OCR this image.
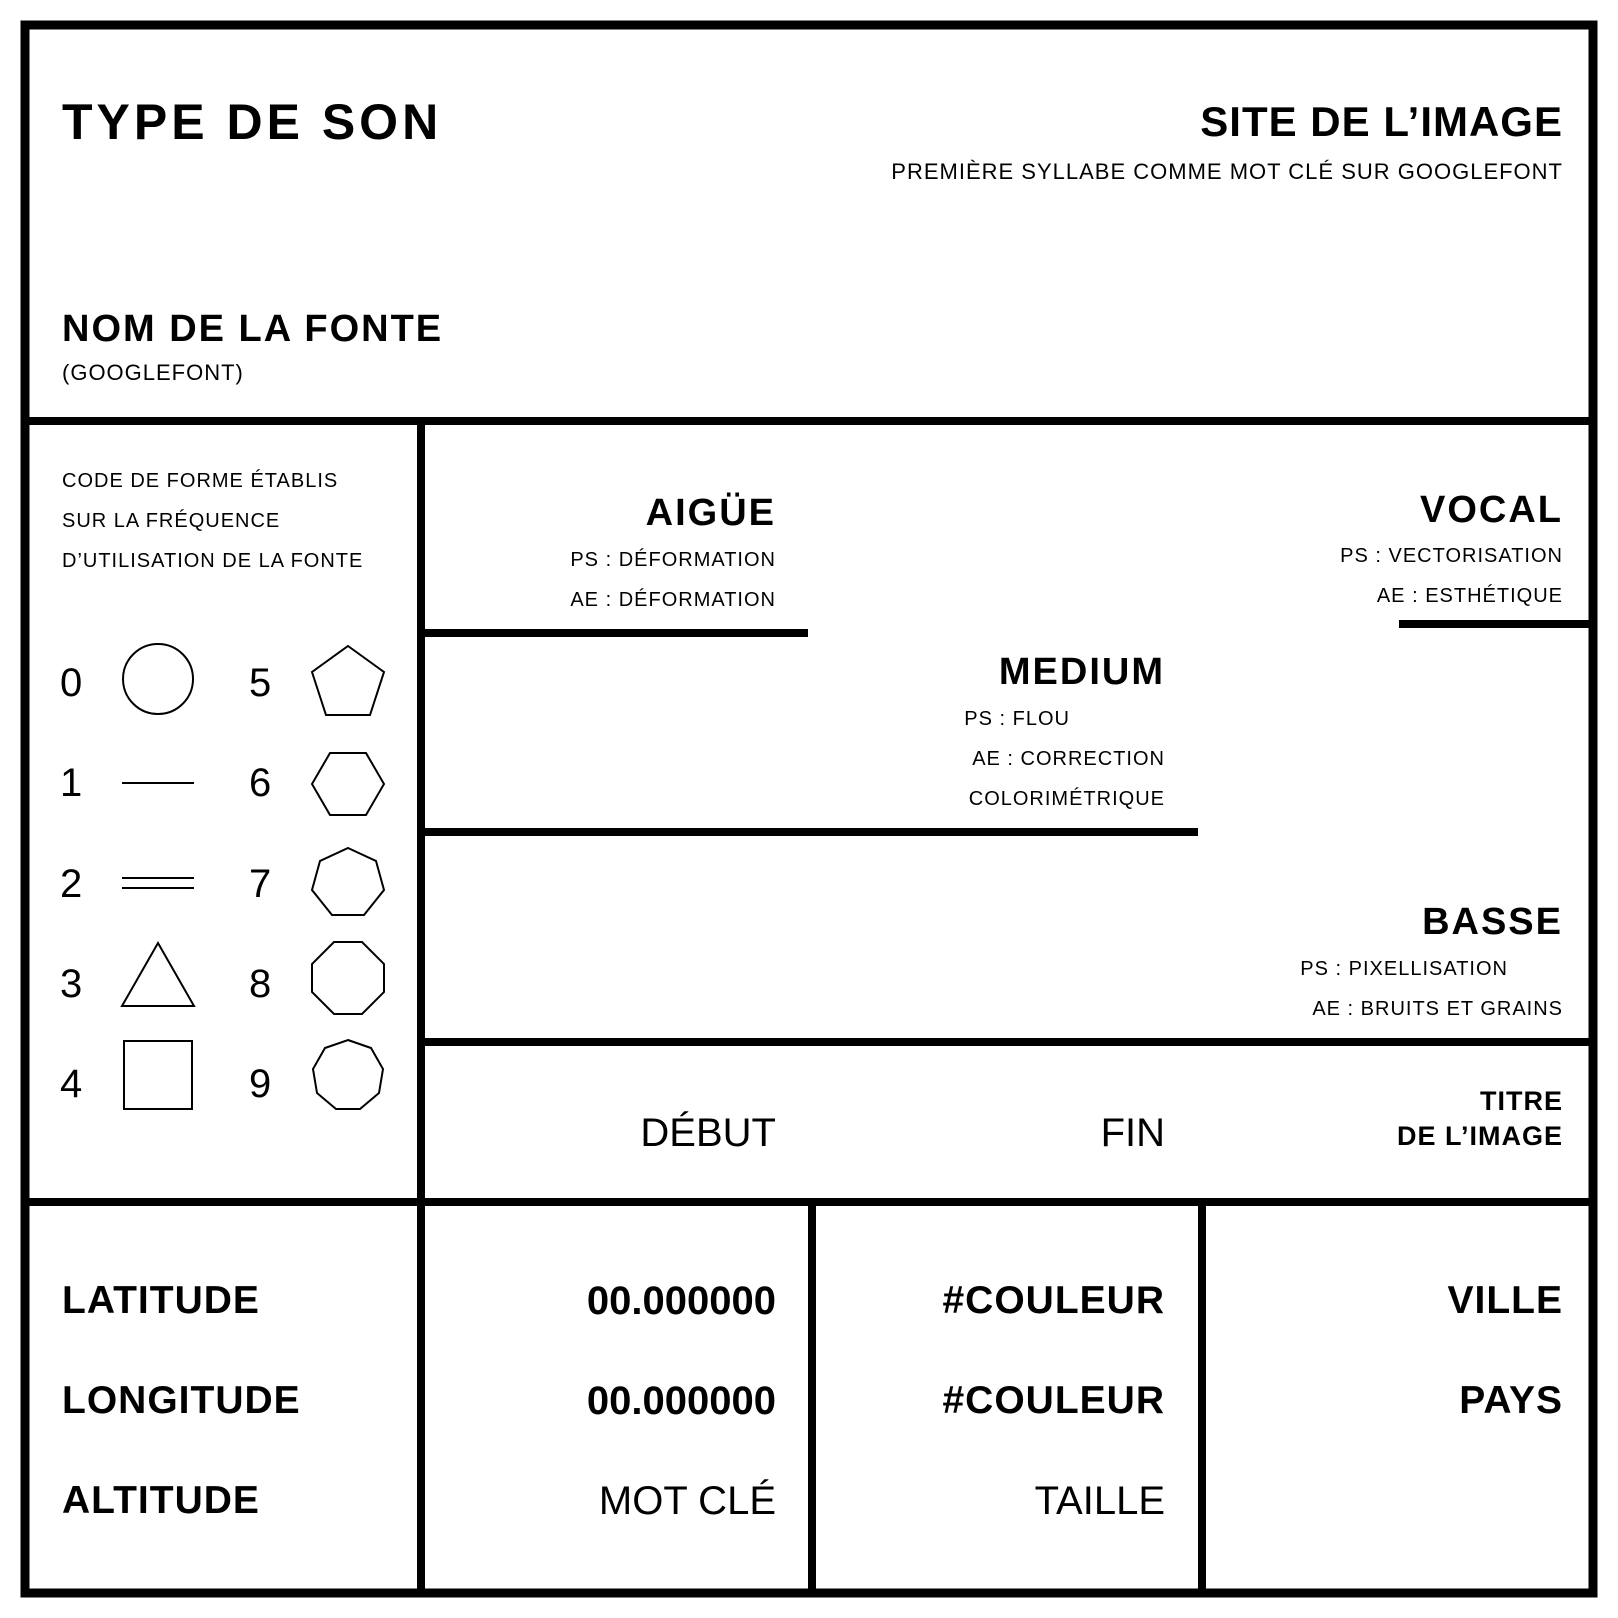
TYPE DE SON	SITE DE L’IMAGE
PREMIÈRE SYLLABE COMME MOT CLÉ SUR GOOGLEFONT
NOM DE LA FONTE
(GOOGLEFONT)
CODE DE FORME ÉTABLIS
SUR LA FRÉQUENCE
D’UTILISATION DE LA FONTE
0
1
2
3
4
5
6
7
8
9
AIGÜE
PS : DÉFORMATION
AE : DÉFORMATION
VOCAL
PS : VECTORISATION
AE : ESTHÉTIQUE
MEDIUM
PS : FLOU
AE : CORRECTION
COLORIMÉTRIQUE
BASSE
PS : PIXELLISATION
AE : BRUITS ET GRAINS
DÉBUT	FIN
TITRE
DE L’IMAGE
LATITUDE
LONGITUDE
ALTITUDE
00.000000
00.000000
MOT CLÉ
#COULEUR
#COULEUR
TAILLE
VILLE
PAYS
